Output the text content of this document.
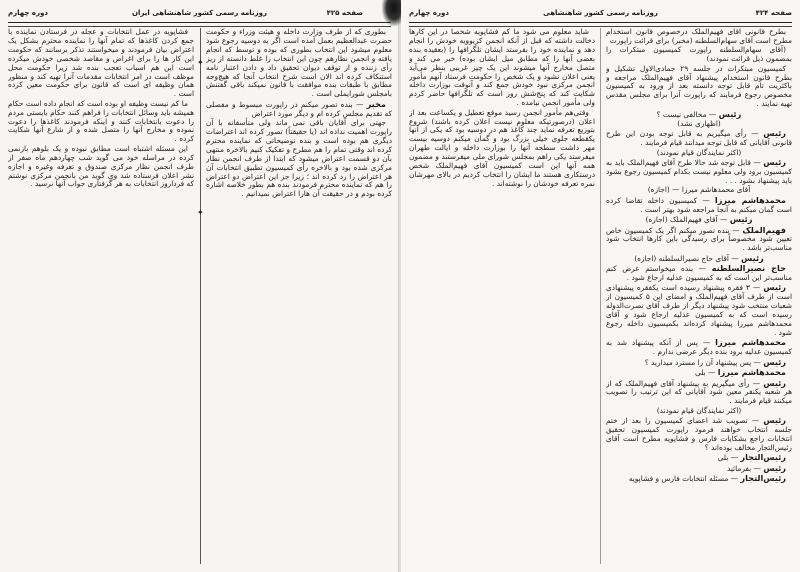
صفحه ۴۲۵
روزنامه رسمی کشور شاهنشاهی ایران
دوره چهارم

بطوری که از طرف وزارت داخله و هیئت وزراء و حکومت حضرت عبدالعظیم بعمل آمده است اگر به دوسیه رجوع شود معلوم میشود این انتخاب بطوری که بوده و توسط که انجام یافته و انجمن نظارهم چون این انتخاب را غلط دانسته از ریز رأی زننده و از توقف دیوان تحقیق داد و دادن اعتبار نامه استنکاف کرده اند الان است شرح انتخاب آنجا که هیچ‌وجه مطابق با طبقات بنده موافقت با قانون نمیکند باقی گفتنش بامجلس شورایملی است .

مخبر — بنده تصور میکنم در راپورت مبسوط و مفصلی که تقدیم مجلس کرده ام و دیگر مورد اعتراض

جهتی برای آقایان باقی نمی ماند ولی متأسفانه با آن راپورت اهمیت نداده اند (یا حقیقتاً) تصور کرده اند اعتراضات دیگری هم بوده است و بنده توضیحاتی که نماینده محترم کرده اند وقتی تمام را هم مطرح و تفکیک کنیم بالاخره منتهی بآن دو قسمت اعتراض میشود که ابتدا از طرف انجمن نظار مرکزی شده بود و بالاخره رأی کمیسیون تطبیق انتخابات آن هر اعتراض را رد کرده اند ؛ زیرا جز این اعتراض دو اعتراض را هم که نماینده محترم فرمودند بنده هم بطور خلاصه اشاره کرده بودم و در حقیقت آن هارا اعتراض نمیدانیم .

✦
✦

فشاپویه در عمل انتخابات و عجله در فرستادن نماینده با جمع کردن کاغذها که تمام آنها را نماینده محترم بشکل یک اعتراض بیان فرمودند و میخواستند تذکر برسانند که حکومت این کار ها را برای اغراض و مقاصد شخصی خودش میکرده است این هم اسباب تعجب بنده شد زیرا حکومت محل موظف است در امر انتخابات مقدمات آنرا تهیه کند و منظور همان وظیفه ای است که قانون برای حکومت معین کرده است .

ما کم نیست وظیفه او بوده است که انجام داده است حکام همیشه باید وسائل انتخابات را فراهم کنند حکام بایستی مردم را دعوت بانتخابات کنند و اینکه فرمودند کاغذها را دعوت نموده و مخارج آنها را متصل شده و از شارع آنها شکایت کرده .

این مسئله اشتباه است مطابق نبوده و یک بلوهم بازنمی کرده در مراسله خود می گوید شب چهاردهم ماه صفر از طرف انجمن نظار مرکزی صندوق و تعرفه وغیره و اجازه نشر اعلان فرستاده شد وی گوید من بانجمن مرکزی نوشتم که فرداروز انتخابات به هر گرفتاری جواب آنها نرسید .

صفحه ۴۲۴
روزنامه رسمی کشور شاهنشاهی
دوره چهارم

بطرح قانونی آقای فهیم‌الملک درخصوص قانون استخدام مطرح است آقای سهام‌السلطنه (مخبر) برای قرائت راپورت

(آقای سهام‌السلطنه راپورت کمیسیون مبتکرات را بمضمون ذیل قرائت نمودند)

کمیسیون مبتکرات در جلسه ۲۹ جمادی‌الاول تشکیل و بطرح قانون استخدام پیشنهاد آقای فهیم‌الملک مراجعه و باکثریت تام قابل توجه دانسته بعد از ورود به کمیسیون مخصوص رجوع فرمایند که راپورت آنرا برای مجلس مقدس تهیه نمایند .

رئیس — مخالفی نیست ؟

(اظهاری نشد)

رئیس — رأی میگیریم به قابل توجه بودن این طرح قانونی آقایانی که قابل توجه میدانند قیام فرمایند .

(اکثر نمایندگان قیام نمودند)

رئیس — قابل توجه شد حالا طرح آقای فهیم‌الملک باید به کمیسیون برود ولی معلوم نیست بکدام کمیسیون رجوع بشود باید پیشنهاد بشود . . .

آقای محمدهاشم میرزا — (اجازه)

محمدهاشم میرزا — کمیسیون داخله تقاضا کرده است گمان میکنم به آنجا مراجعه شود بهتر است .

رئیس — آقای فهیم‌الملک (اجازه)

فهیم‌الملک — بنده تصور میکنم اگر یک کمیسیون خاص تعیین شود مخصوصاً برای رسیدگی باین کارها انتخاب شود مناسب‌تر باشد .

رئیس — آقای حاج نصیرالسلطنه (اجازه)

حاج نصیرالسلطنه — بنده میخواستم عرض کنم مناسب‌تر این است که به کمیسیون عدلیه ارجاع شود .

رئیس — ۳ فقره پیشنهاد رسیده است یکفقره پیشنهادی است از طرف آقای فهیم‌الملک و امضای این ۵ کمیسیون از شعبات منتخب شود پیشنهاد دیگر از طرف آقای نصرت‌الدوله رسیده است که به کمیسیون عدلیه ارجاع شود و آقای محمدهاشم میرزا پیشنهاد کرده‌اند بکمیسیون داخله رجوع شود .

محمدهاشم میرزا — پس از آنکه پیشنهاد شد به کمیسیون عدلیه برود بنده دیگر عرضی ندارم .

رئیس — پس پیشنهاد آن را مسترد میدارید ؟

محمدهاشم میرزا — بلی

رئیس — رأی میگیریم به پیشنهاد آقای فهیم‌الملک که از هر شعبه یکنفر معین شود آقایانی که این ترتیب را تصویب میکنند قیام فرمایند .

(اکثر نمایندگان قیام نمودند)

رئیس — تصویب شد اعضای کمیسیون را بعد از ختم جلسه انتخاب خواهند فرمود راپورت کمیسیون تحقیق انتخابات راجع بشکایات فارس و فشاپویه مطرح است آقای رئیس‌التجار مخالف بوده‌اند ؟

رئیس‌التجار — بلی

رئیس — بفرمائید

رئیس‌التجار — مسئله انتخابات فارس و فشاپویه

شاید معلوم می شود ما کم فشاپویه شخصاً در این کارها دخالت داشته که قبل از آنکه انجمن کزیوویه خودش را انجام دهد و نماینده خود را بفرستد ایشان تلگرافها را (بعقیده بنده بعضی آنها را که مطابق میل ایشان بوده) خبر می کند و متصل مخارج آنها میشوند این یک چیز غریبی بنظر می‌آید یعنی اعلان نشود و یک شخص را حکومت فرستاد آنهم مأمور انجمن مرکزی نبود خودش جمع کند و آنوقت بوزارت داخله شکایت کند که پنج‌شش روز است که تلگرافها حاضر کردم ولی مأمور انجمن نیامده .

وقتی‌هم مأمور انجمن رسید موقع تعطیل و یکساعت بعد از اعلان (درصورتیکه معلوم نیست اعلان کرده باشند) شروع بتوزیع تعرفه نماید چند کاغذ هم در دوسیه بود که یکی از آنها یکقطعه جلوی خیلی بزرگ بود و گمان میکنم دوسیه بیست مهر داشت سطحه آنها را بوزارت داخله و ایالت طهران میفرستد یکی راهم بمجلس شورای ملی میفرستند و مضمون همه آنها این است کمیسیون آقای فهیم‌الملک شخص درستکاری هستند ما ایشان را انتخاب کردیم در بالای مهرشان نمره تعرفه خودشان را نوشته‌اند .
